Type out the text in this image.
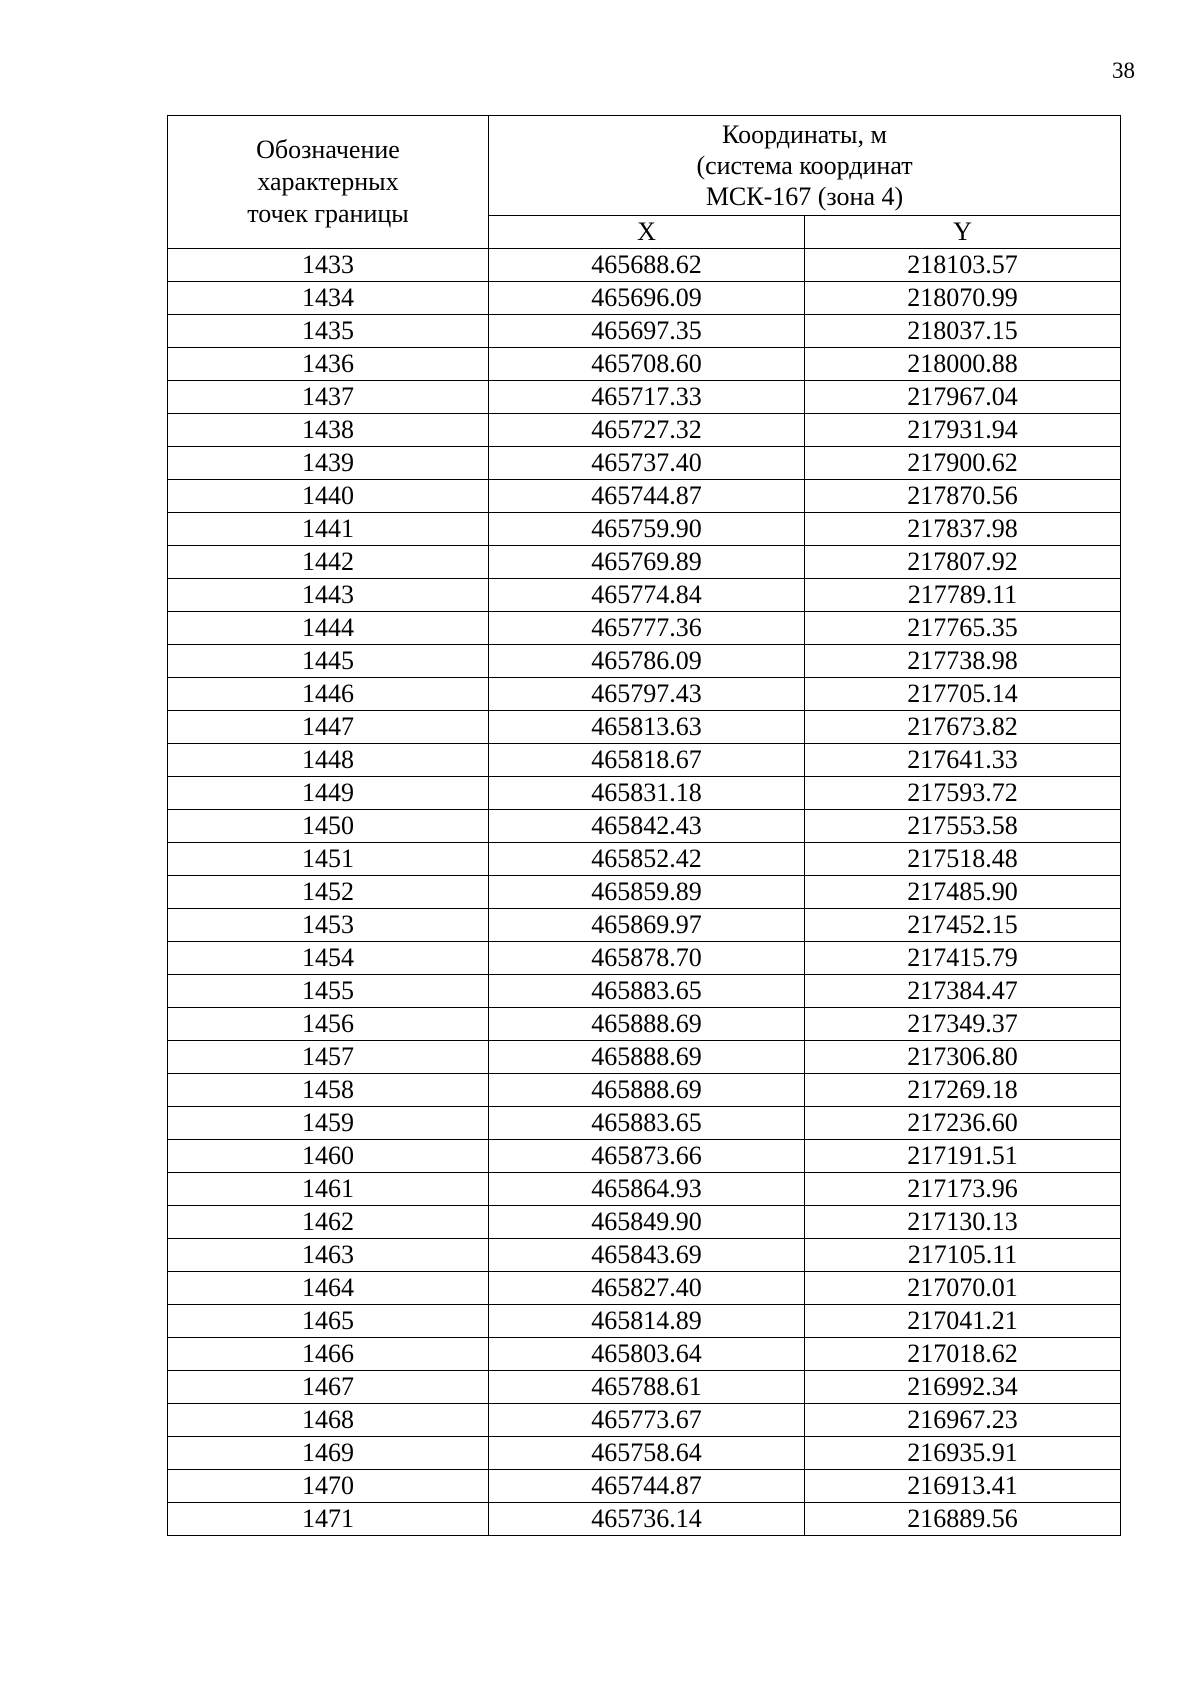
38
Обозначение
характерных
точек границы	Координаты, м
(система координат
МСК-167 (зона 4)	

	X	Y
1433	465688.62	218103.57
1434	465696.09	218070.99
1435	465697.35	218037.15
1436	465708.60	218000.88
1437	465717.33	217967.04
1438	465727.32	217931.94
1439	465737.40	217900.62
1440	465744.87	217870.56
1441	465759.90	217837.98
1442	465769.89	217807.92
1443	465774.84	217789.11
1444	465777.36	217765.35
1445	465786.09	217738.98
1446	465797.43	217705.14
1447	465813.63	217673.82
1448	465818.67	217641.33
1449	465831.18	217593.72
1450	465842.43	217553.58
1451	465852.42	217518.48
1452	465859.89	217485.90
1453	465869.97	217452.15
1454	465878.70	217415.79
1455	465883.65	217384.47
1456	465888.69	217349.37
1457	465888.69	217306.80
1458	465888.69	217269.18
1459	465883.65	217236.60
1460	465873.66	217191.51
1461	465864.93	217173.96
1462	465849.90	217130.13
1463	465843.69	217105.11
1464	465827.40	217070.01
1465	465814.89	217041.21
1466	465803.64	217018.62
1467	465788.61	216992.34
1468	465773.67	216967.23
1469	465758.64	216935.91
1470	465744.87	216913.41
1471	465736.14	216889.56
